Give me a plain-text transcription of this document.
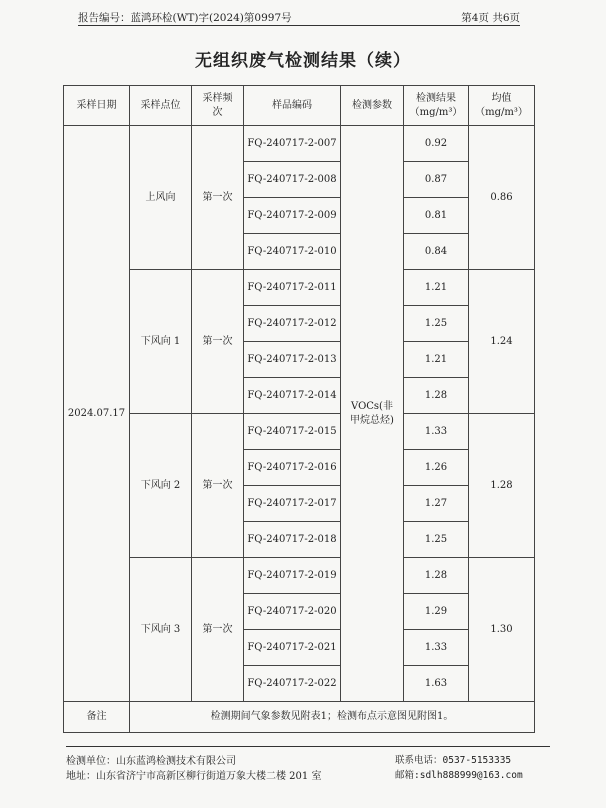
报告编号：蓝鸿环检(WT)字(2024)第0997号	第4页 共6页
无组织废气检测结果（续）
采样日期	采样点位	采样频次	样品编码	检测参数	检测结果（mg/m³）	均值（mg/m³）
2024.07.17	上风向	第一次	FQ-240717-2-007	VOCs(非甲烷总烃)	0.92	0.86
			FQ-240717-2-008		0.87	
			FQ-240717-2-009		0.81	
			FQ-240717-2-010		0.84	
	下风向 1	第一次	FQ-240717-2-011		1.21	1.24
			FQ-240717-2-012		1.25	
			FQ-240717-2-013		1.21	
			FQ-240717-2-014		1.28	
	下风向 2	第一次	FQ-240717-2-015		1.33	1.28
			FQ-240717-2-016		1.26	
			FQ-240717-2-017		1.27	
			FQ-240717-2-018		1.25	
	下风向 3	第一次	FQ-240717-2-019		1.28	1.30
			FQ-240717-2-020		1.29	
			FQ-240717-2-021		1.33	
			FQ-240717-2-022		1.63	
备注	检测期间气象参数见附表1；检测布点示意图见附图1。					
检测单位：山东蓝鸿检测技术有限公司
地址：山东省济宁市高新区柳行街道万象大楼二楼 201 室
联系电话：0537-5153335
邮箱:sdlh888999@163.com
